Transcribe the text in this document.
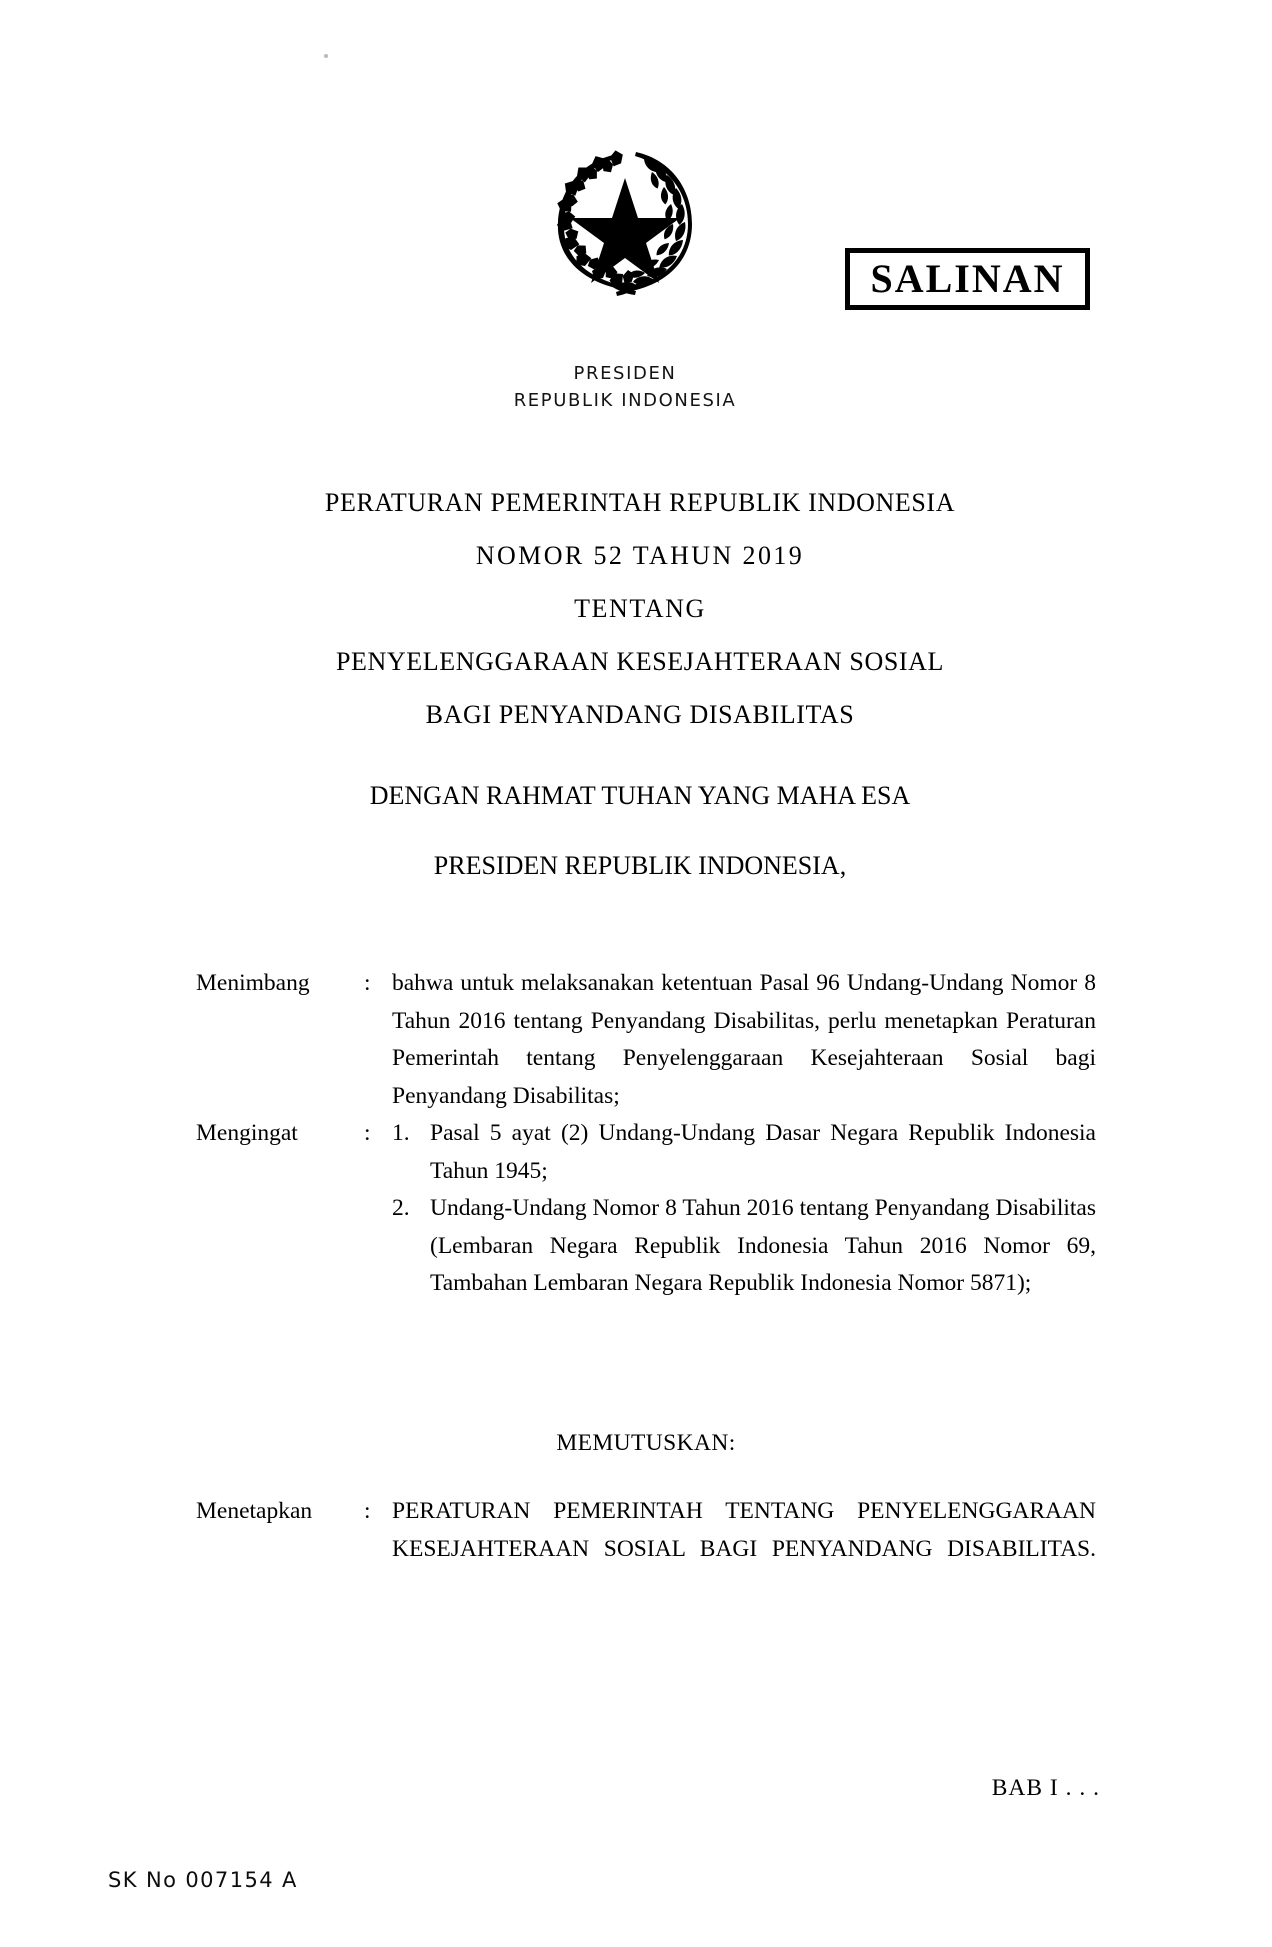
SALINAN
PRESIDEN
REPUBLIK INDONESIA
PERATURAN PEMERINTAH REPUBLIK INDONESIA
NOMOR 52 TAHUN 2019
TENTANG
PENYELENGGARAAN KESEJAHTERAAN SOSIAL
BAGI PENYANDANG DISABILITAS
DENGAN RAHMAT TUHAN YANG MAHA ESA
PRESIDEN REPUBLIK INDONESIA,
Menimbang	: bahwa untuk melaksanakan ketentuan Pasal 96 Undang-Undang Nomor 8 Tahun 2016 tentang Penyandang Disabilitas, perlu menetapkan Peraturan Pemerintah tentang Penyelenggaraan Kesejahteraan Sosial bagi Penyandang Disabilitas;
Mengingat	: 1. Pasal 5 ayat (2) Undang-Undang Dasar Negara Republik Indonesia Tahun 1945;
2. Undang-Undang Nomor 8 Tahun 2016 tentang Penyandang Disabilitas (Lembaran Negara Republik Indonesia Tahun 2016 Nomor 69, Tambahan Lembaran Negara Republik Indonesia Nomor 5871);
MEMUTUSKAN:
Menetapkan	: PERATURAN PEMERINTAH TENTANG PENYELENGGARAAN KESEJAHTERAAN SOSIAL BAGI PENYANDANG DISABILITAS.
BAB I . . .
SK No 007154 A
